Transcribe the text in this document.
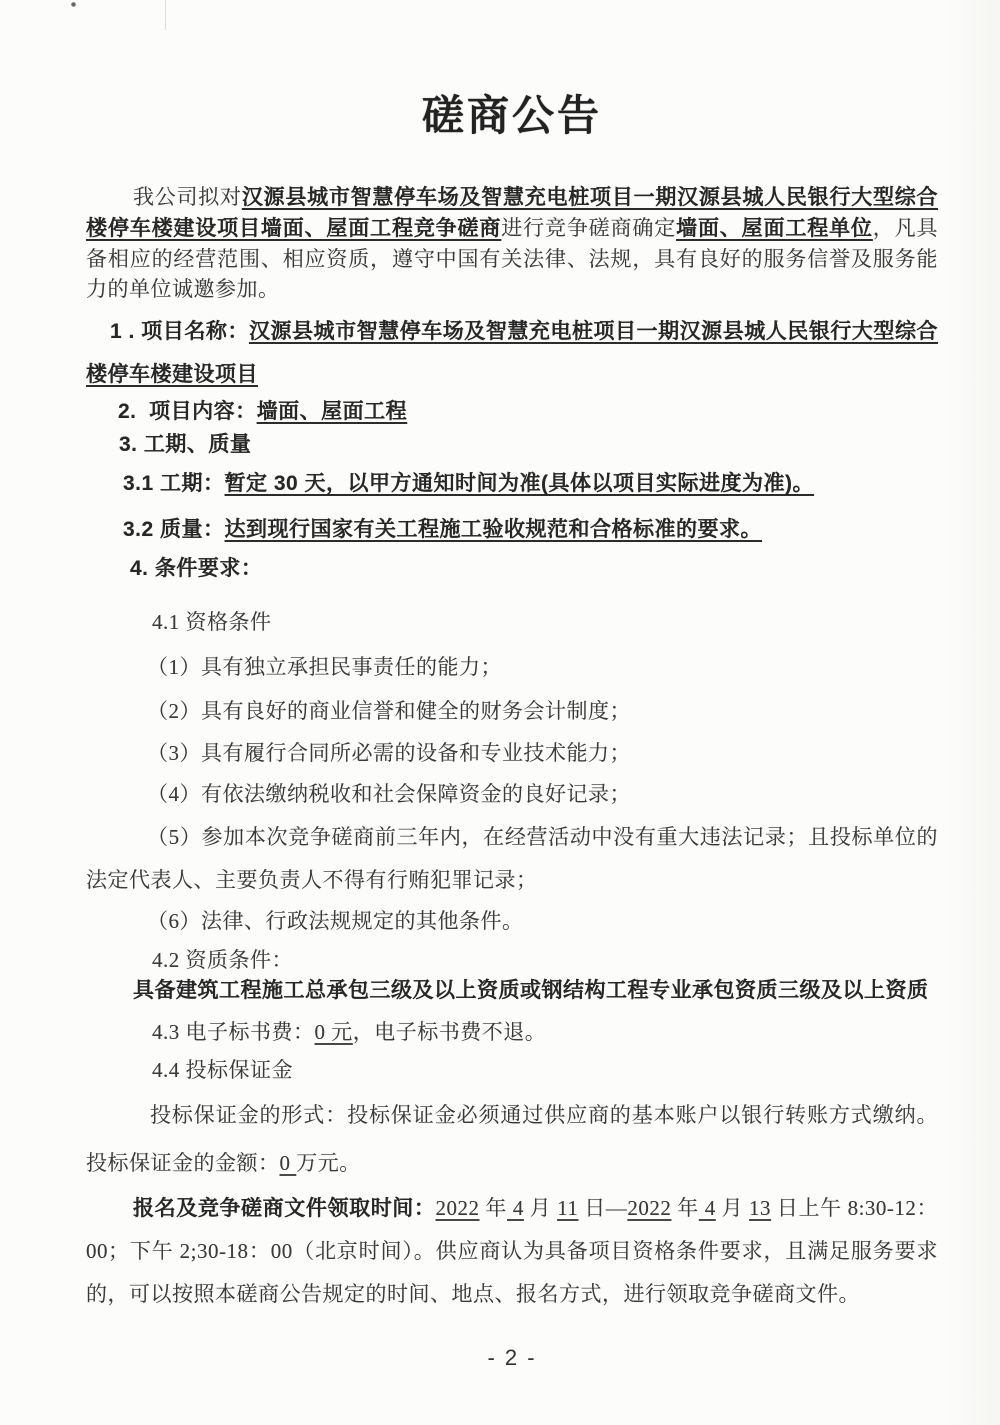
磋商公告

我公司拟对汉源县城市智慧停车场及智慧充电桩项目一期汉源县城人民银行大型综合楼停车楼建设项目墙面、屋面工程竞争磋商进行竞争磋商确定墙面、屋面工程单位，凡具备相应的经营范围、相应资质，遵守中国有关法律、法规，具有良好的服务信誉及服务能力的单位诚邀参加。

1 . 项目名称：汉源县城市智慧停车场及智慧充电桩项目一期汉源县城人民银行大型综合楼停车楼建设项目

2.  项目内容：墙面、屋面工程

3. 工期、质量

3.1 工期：暂定 30 天，以甲方通知时间为准(具体以项目实际进度为准)。

3.2 质量：达到现行国家有关工程施工验收规范和合格标准的要求。

4. 条件要求：

4.1 资格条件

（1）具有独立承担民事责任的能力；

（2）具有良好的商业信誉和健全的财务会计制度；

（3）具有履行合同所必需的设备和专业技术能力；

（4）有依法缴纳税收和社会保障资金的良好记录；

（5）参加本次竞争磋商前三年内，在经营活动中没有重大违法记录；且投标单位的法定代表人、主要负责人不得有行贿犯罪记录；

（6）法律、行政法规规定的其他条件。

4.2 资质条件：

具备建筑工程施工总承包三级及以上资质或钢结构工程专业承包资质三级及以上资质

4.3 电子标书费：0 元，电子标书费不退。

4.4 投标保证金

投标保证金的形式：投标保证金必须通过供应商的基本账户以银行转账方式缴纳。投标保证金的金额：0 万元。

报名及竞争磋商文件领取时间：2022 年 4 月 11 日—2022 年 4 月 13 日上午 8:30-12：00；下午 2;30-18：00（北京时间）。供应商认为具备项目资格条件要求，且满足服务要求的，可以按照本磋商公告规定的时间、地点、报名方式，进行领取竞争磋商文件。

- 2 -
